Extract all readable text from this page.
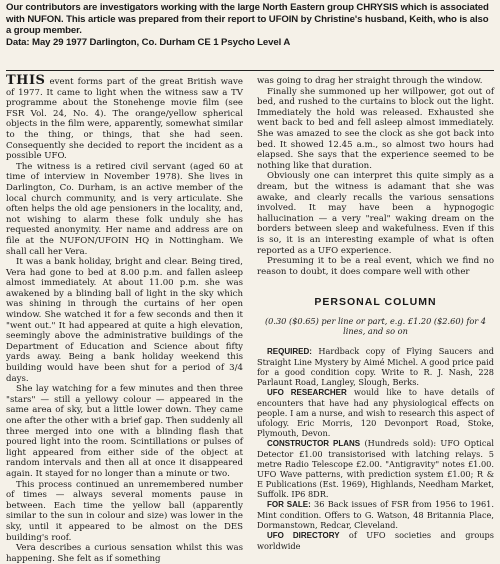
Our contributors are investigators working with the large North Eastern group CHRYSIS which is associated with NUFON. This article was prepared from their report to UFOIN by Christine's husband, Keith, who is also a group member.

Data: May 29 1977 Darlington, Co. Durham CE 1 Psycho Level A

THIS event forms part of the great British wave of 1977. It came to light when the witness saw a TV programme about the Stonehenge movie film (see FSR Vol. 24, No. 4). The orange/yellow spherical objects in the film were, apparently, somewhat similar to the thing, or things, that she had seen. Consequently she decided to report the incident as a possible UFO.

The witness is a retired civil servant (aged 60 at time of interview in November 1978). She lives in Darlington, Co. Durham, is an active member of the local church community, and is very articulate. She often helps the old age pensioners in the locality, and, not wishing to alarm these folk unduly she has requested anonymity. Her name and address are on file at the NUFON/UFOIN HQ in Nottingham. We shall call her Vera.

It was a bank holiday, bright and clear. Being tired, Vera had gone to bed at 8.00 p.m. and fallen asleep almost immediately. At about 11.00 p.m. she was awakened by a blinding ball of light in the sky which was shining in through the curtains of her open window. She watched it for a few seconds and then it "went out." It had appeared at quite a high elevation, seemingly above the administrative buildings of the Department of Education and Science about fifty yards away. Being a bank holiday weekend this building would have been shut for a period of 3/4 days.

She lay watching for a few minutes and then three "stars" — still a yellowy colour — appeared in the same area of sky, but a little lower down. They came one after the other with a brief gap. Then suddenly all three merged into one with a blinding flash that poured light into the room. Scintillations or pulses of light appeared from either side of the object at random intervals and then all at once it disappeared again. It stayed for no longer than a minute or two.

This process continued an unremembered number of times — always several moments pause in between. Each time the yellow ball (apparently similar to the sun in colour and size) was lower in the sky, until it appeared to be almost on the DES building's roof.

Vera describes a curious sensation whilst this was happening. She felt as if something

was going to drag her straight through the window.

Finally she summoned up her willpower, got out of bed, and rushed to the curtains to block out the light. Immediately the hold was released. Exhausted she went back to bed and fell asleep almost immediately. She was amazed to see the clock as she got back into bed. It showed 12.45 a.m., so almost two hours had elapsed. She says that the experience seemed to be nothing like that duration.

Obviously one can interpret this quite simply as a dream, but the witness is adamant that she was awake, and clearly recalls the various sensations involved. It may have been a hypnogogic hallucination — a very "real" waking dream on the borders between sleep and wakefulness. Even if this is so, it is an interesting example of what is often reported as a UFO experience.

Presuming it to be a real event, which we find no reason to doubt, it does compare well with other

PERSONAL COLUMN
(0.30 ($0.65) per line or part, e.g. £1.20 ($2.60) for 4 lines, and so on

REQUIRED: Hardback copy of Flying Saucers and Straight Line Mystery by Aimé Michel. A good price paid for a good condition copy. Write to R. J. Nash, 228 Parlaunt Road, Langley, Slough, Berks.

UFO RESEARCHER would like to have details of encounters that have had any physiological effects on people. I am a nurse, and wish to research this aspect of ufology. Eric Morris, 120 Devonport Road, Stoke, Plymouth, Devon.

CONSTRUCTOR PLANS (Hundreds sold): UFO Optical Detector £1.00 transistorised with latching relays. 5 metre Radio Telescope £2.00. "Antigravity" notes £1.00. UFO Wave patterns, with prediction system £1.00; R & E Publications (Est. 1969), Highlands, Needham Market, Suffolk. IP6 8DR.

FOR SALE: 36 Back issues of FSR from 1956 to 1961. Mint condition. Offers to G. Watson, 48 Britannia Place, Dormanstown, Redcar, Cleveland.

UFO DIRECTORY of UFO societies and groups worldwide
